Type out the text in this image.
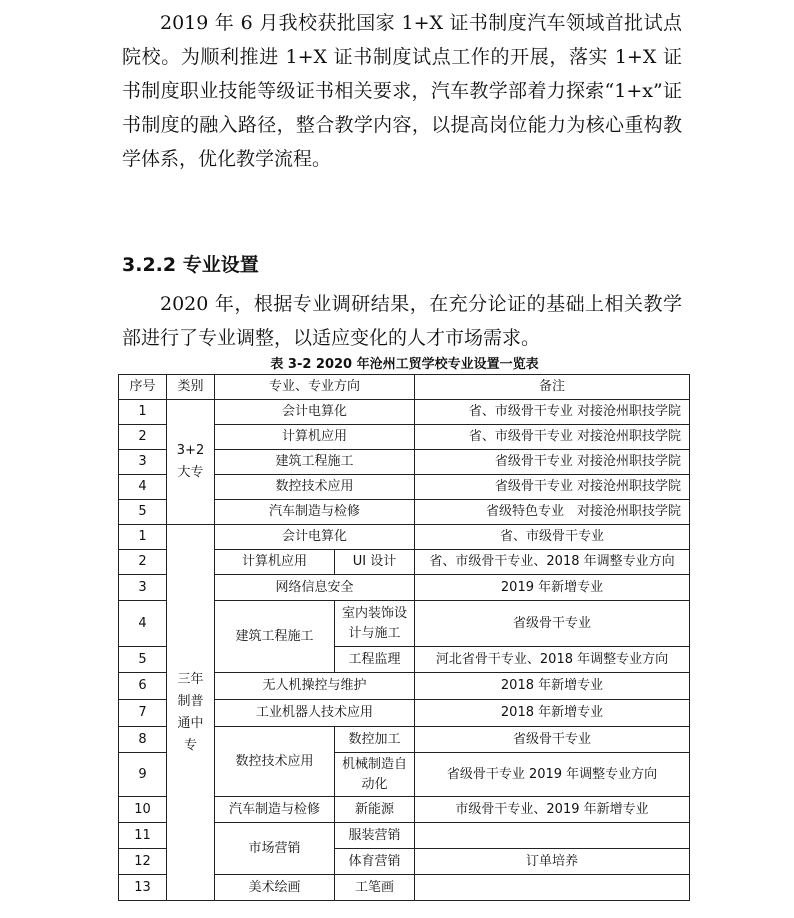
2019 年 6 月我校获批国家 1+X 证书制度汽车领域首批试点院校。为顺利推进 1+X 证书制度试点工作的开展，落实 1+X 证书制度职业技能等级证书相关要求，汽车教学部着力探索“1+x”证书制度的融入路径，整合教学内容，以提高岗位能力为核心重构教学体系，优化教学流程。

3.2.2 专业设置

2020 年，根据专业调研结果，在充分论证的基础上相关教学部进行了专业调整，以适应变化的人才市场需求。

表 3-2 2020 年沧州工贸学校专业设置一览表
序号	类别	专业、专业方向		备注
1	3+2 大专	会计电算化		省、市级骨干专业 对接沧州职技学院
2		计算机应用		省、市级骨干专业 对接沧州职技学院
3		建筑工程施工		省级骨干专业 对接沧州职技学院
4		数控技术应用		省级骨干专业 对接沧州职技学院
5		汽车制造与检修		省级特色专业　对接沧州职技学院
1	三年制普通中专	会计电算化		省、市级骨干专业
2		计算机应用	UI 设计	省、市级骨干专业、2018 年调整专业方向
3		网络信息安全		2019 年新增专业
4		建筑工程施工	室内装饰设计与施工	省级骨干专业
5			工程监理	河北省骨干专业、2018 年调整专业方向
6		无人机操控与维护		2018 年新增专业
7		工业机器人技术应用		2018 年新增专业
8		数控技术应用	数控加工	省级骨干专业
9			机械制造自动化	省级骨干专业 2019 年调整专业方向
10		汽车制造与检修	新能源	市级骨干专业、2019 年新增专业
11		市场营销	服装营销	
12			体育营销	订单培养
13		美术绘画	工笔画	
